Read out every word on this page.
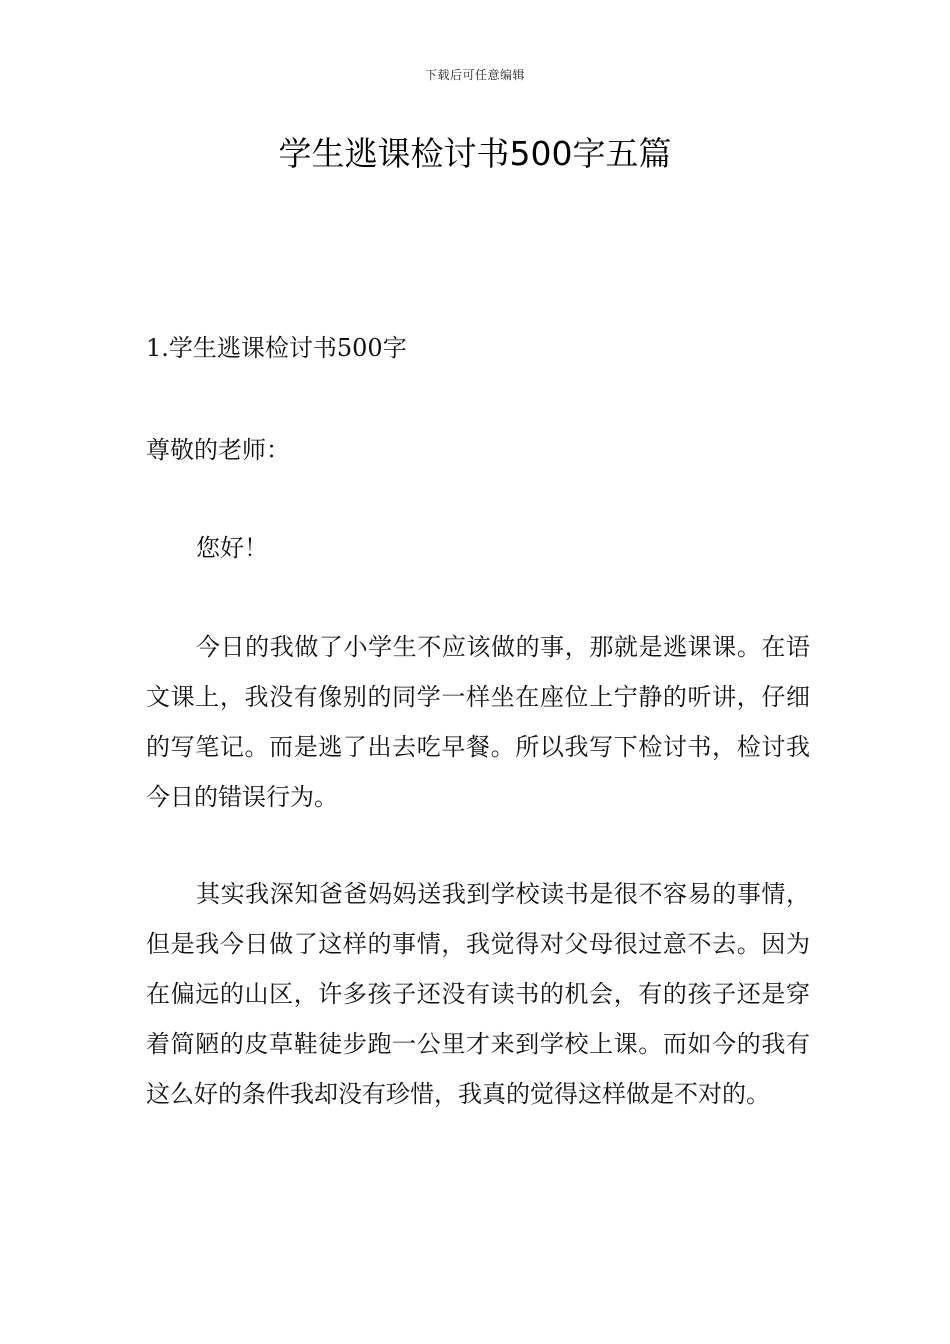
下载后可任意编辑
学生逃课检讨书500字五篇

1.学生逃课检讨书500字

尊敬的老师：

您好！

今日的我做了小学生不应该做的事，那就是逃课课。在语文课上，我没有像别的同学一样坐在座位上宁静的听讲，仔细的写笔记。而是逃了出去吃早餐。所以我写下检讨书，检讨我今日的错误行为。

其实我深知爸爸妈妈送我到学校读书是很不容易的事情，但是我今日做了这样的事情，我觉得对父母很过意不去。因为在偏远的山区，许多孩子还没有读书的机会，有的孩子还是穿着简陋的皮草鞋徒步跑一公里才来到学校上课。而如今的我有这么好的条件我却没有珍惜，我真的觉得这样做是不对的。
